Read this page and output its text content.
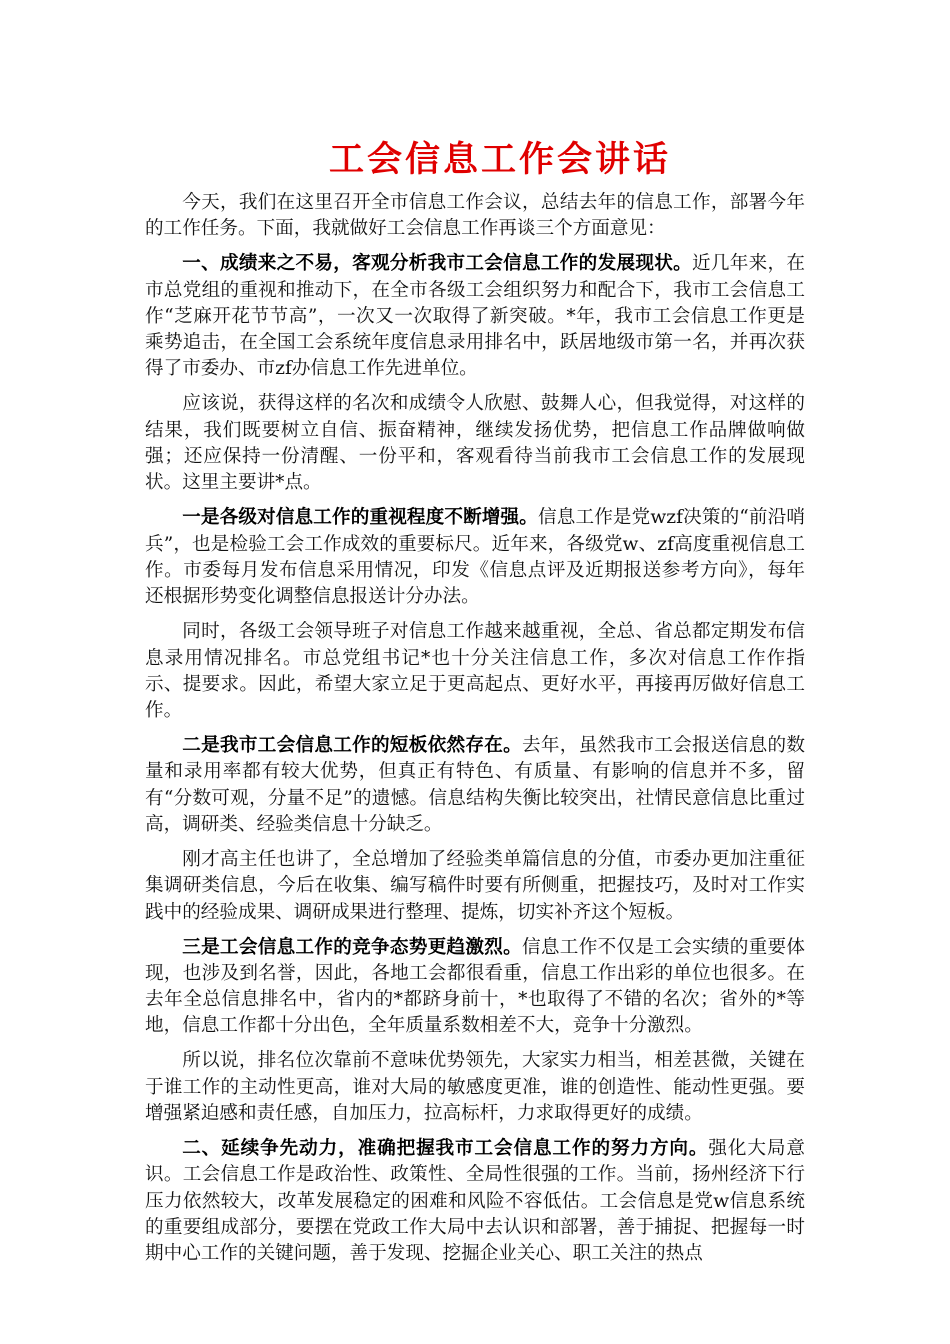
工会信息工作会讲话

今天，我们在这里召开全市信息工作会议，总结去年的信息工作，部署今年的工作任务。下面，我就做好工会信息工作再谈三个方面意见：

一、成绩来之不易，客观分析我市工会信息工作的发展现状。近几年来，在市总党组的重视和推动下，在全市各级工会组织努力和配合下，我市工会信息工作“芝麻开花节节高”，一次又一次取得了新突破。*年，我市工会信息工作更是乘势追击，在全国工会系统年度信息录用排名中，跃居地级市第一名，并再次获得了市委办、市zf办信息工作先进单位。

应该说，获得这样的名次和成绩令人欣慰、鼓舞人心，但我觉得，对这样的结果，我们既要树立自信、振奋精神，继续发扬优势，把信息工作品牌做响做强；还应保持一份清醒、一份平和，客观看待当前我市工会信息工作的发展现状。这里主要讲*点。

一是各级对信息工作的重视程度不断增强。信息工作是党wzf决策的“前沿哨兵”，也是检验工会工作成效的重要标尺。近年来，各级党w、zf高度重视信息工作。市委每月发布信息采用情况，印发《信息点评及近期报送参考方向》，每年还根据形势变化调整信息报送计分办法。

同时，各级工会领导班子对信息工作越来越重视，全总、省总都定期发布信息录用情况排名。市总党组书记*也十分关注信息工作，多次对信息工作作指示、提要求。因此，希望大家立足于更高起点、更好水平，再接再厉做好信息工作。

二是我市工会信息工作的短板依然存在。去年，虽然我市工会报送信息的数量和录用率都有较大优势，但真正有特色、有质量、有影响的信息并不多，留有“分数可观，分量不足”的遗憾。信息结构失衡比较突出，社情民意信息比重过高，调研类、经验类信息十分缺乏。

刚才高主任也讲了，全总增加了经验类单篇信息的分值，市委办更加注重征集调研类信息，今后在收集、编写稿件时要有所侧重，把握技巧，及时对工作实践中的经验成果、调研成果进行整理、提炼，切实补齐这个短板。

三是工会信息工作的竞争态势更趋激烈。信息工作不仅是工会实绩的重要体现，也涉及到名誉，因此，各地工会都很看重，信息工作出彩的单位也很多。在去年全总信息排名中，省内的*都跻身前十，*也取得了不错的名次；省外的*等地，信息工作都十分出色，全年质量系数相差不大，竞争十分激烈。

所以说，排名位次靠前不意味优势领先，大家实力相当，相差甚微，关键在于谁工作的主动性更高，谁对大局的敏感度更准，谁的创造性、能动性更强。要增强紧迫感和责任感，自加压力，拉高标杆，力求取得更好的成绩。

二、延续争先动力，准确把握我市工会信息工作的努力方向。强化大局意识。工会信息工作是政治性、政策性、全局性很强的工作。当前，扬州经济下行压力依然较大，改革发展稳定的困难和风险不容低估。工会信息是党w信息系统的重要组成部分，要摆在党政工作大局中去认识和部署，善于捕捉、把握每一时期中心工作的关键问题，善于发现、挖掘企业关心、职工关注的热点
